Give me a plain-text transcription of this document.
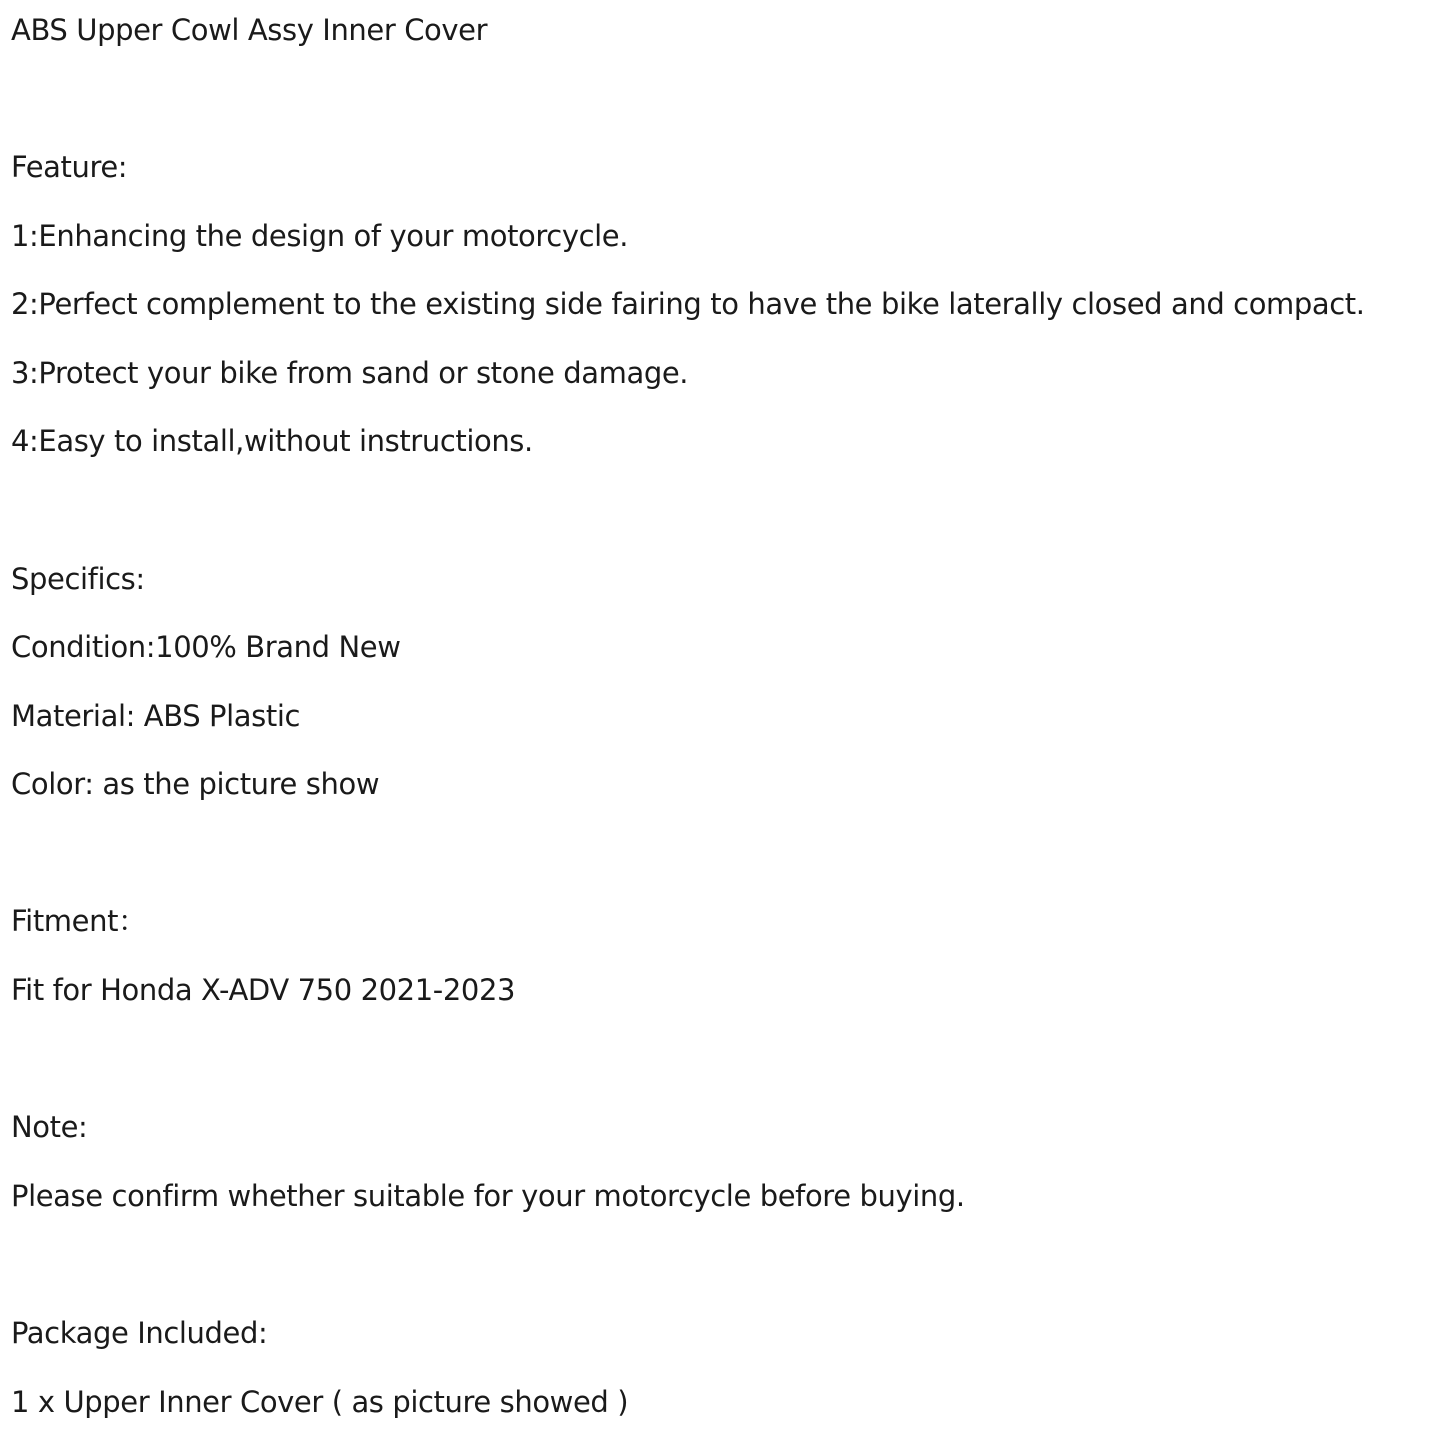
ABS Upper Cowl Assy Inner Cover
Feature:
1:Enhancing the design of your motorcycle.
2:Perfect complement to the existing side fairing to have the bike laterally closed and compact.
3:Protect your bike from sand or stone damage.
4:Easy to install,without instructions.
Specifics:
Condition:100% Brand New
Material: ABS Plastic
Color: as the picture show
Fitment：
Fit for Honda X-ADV 750 2021-2023
Note:
Please confirm whether suitable for your motorcycle before buying.
Package Included:
1 x Upper Inner Cover ( as picture showed )
